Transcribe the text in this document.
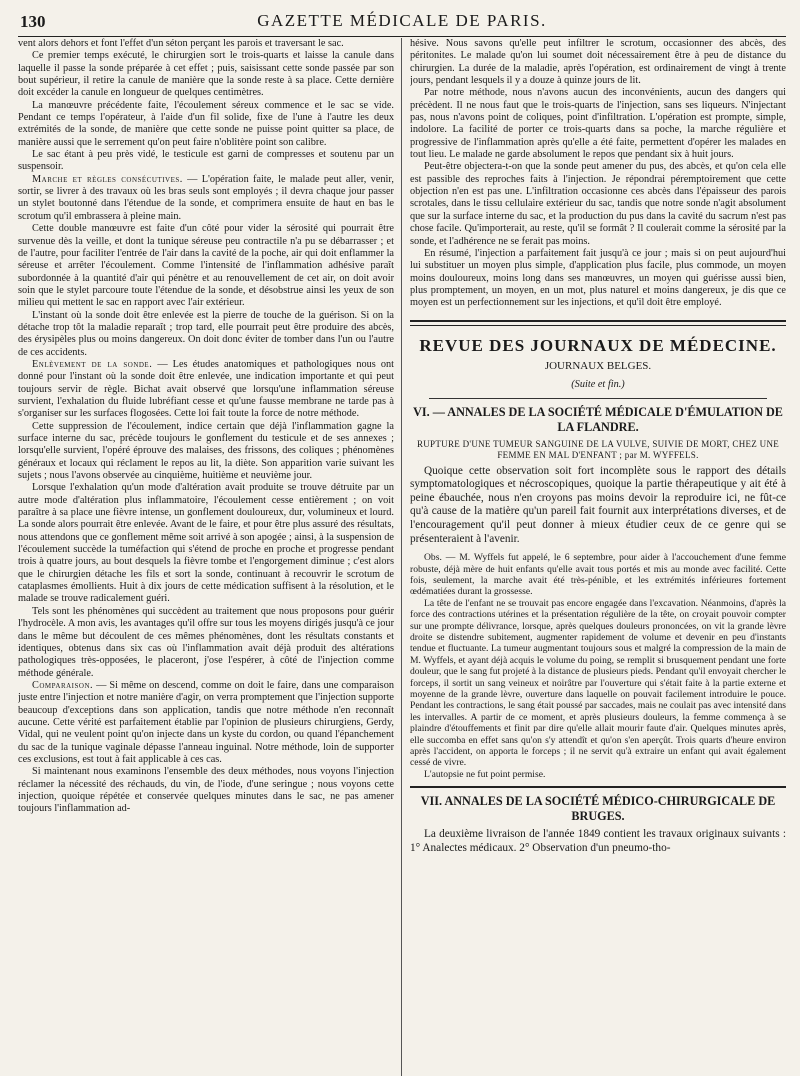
130	GAZETTE MÉDICALE DE PARIS.

vent alors dehors et font l'effet d'un séton perçant les parois et traversant le sac.

Ce premier temps exécuté, le chirurgien sort le trois-quarts et laisse la canule dans laquelle il passe la sonde préparée à cet effet ; puis, saisissant cette sonde passée par son bout supérieur, il retire la canule de manière que la sonde reste à sa place. Cette dernière doit excéder la canule en longueur de quelques centimètres.

La manœuvre précédente faite, l'écoulement séreux commence et le sac se vide. Pendant ce temps l'opérateur, à l'aide d'un fil solide, fixe de l'une à l'autre les deux extrémités de la sonde, de manière que cette sonde ne puisse point quitter sa place, de manière aussi que le serrement qu'on peut faire n'oblitère point son calibre.

Le sac étant à peu près vidé, le testicule est garni de compresses et soutenu par un suspensoir.

Marche et règles consécutives. — L'opération faite, le malade peut aller, venir, sortir, se livrer à des travaux où les bras seuls sont employés ; il devra chaque jour passer un stylet boutonné dans l'étendue de la sonde, et comprimera ensuite de haut en bas le scrotum qu'il embrassera à pleine main.

Cette double manœuvre est faite d'un côté pour vider la sérosité qui pourrait être survenue dès la veille, et dont la tunique séreuse peu contractile n'a pu se débarrasser ; et de l'autre, pour faciliter l'entrée de l'air dans la cavité de la poche, air qui doit enflammer la séreuse et arrêter l'écoulement. Comme l'intensité de l'inflammation adhésive paraît subordonnée à la quantité d'air qui pénètre et au renouvellement de cet air, on doit avoir soin que le stylet parcoure toute l'étendue de la sonde, et désobstrue ainsi les yeux de son milieu qui mettent le sac en rapport avec l'air extérieur.

L'instant où la sonde doit être enlevée est la pierre de touche de la guérison. Si on la détache trop tôt la maladie reparaît ; trop tard, elle pourrait peut être produire des abcès, des érysipèles plus ou moins dangereux. On doit donc éviter de tomber dans l'un ou l'autre de ces accidents.

Enlèvement de la sonde. — Les études anatomiques et pathologiques nous ont donné pour l'instant où la sonde doit être enlevée, une indication importante et qui peut toujours servir de règle. Bichat avait observé que lorsqu'une inflammation séreuse survient, l'exhalation du fluide lubréfiant cesse et qu'une fausse membrane ne tarde pas à s'organiser sur les surfaces flogosées. Cette loi fait toute la force de notre méthode.

Cette suppression de l'écoulement, indice certain que déjà l'inflammation gagne la surface interne du sac, précède toujours le gonflement du testicule et de ses annexes ; lorsqu'elle survient, l'opéré éprouve des malaises, des frissons, des coliques ; phénomènes généraux et locaux qui réclament le repos au lit, la diète. Son apparition varie suivant les sujets ; nous l'avons observée au cinquième, huitième et neuvième jour.

Lorsque l'exhalation qu'un mode d'altération avait produite se trouve détruite par un autre mode d'altération plus inflammatoire, l'écoulement cesse entièrement ; on voit paraître à sa place une fièvre intense, un gonflement douloureux, dur, volumineux et lourd. La sonde alors pourrait être enlevée. Avant de le faire, et pour être plus assuré des résultats, nous attendons que ce gonflement même soit arrivé à son apogée ; ainsi, à la suspension de l'écoulement succède la tuméfaction qui s'étend de proche en proche et progresse pendant trois à quatre jours, au bout desquels la fièvre tombe et l'engorgement diminue ; c'est alors que le chirurgien détache les fils et sort la sonde, continuant à recouvrir le scrotum de cataplasmes émollients. Huit à dix jours de cette médication suffisent à la résolution, et le malade se trouve radicalement guéri.

Tels sont les phénomènes qui succèdent au traitement que nous proposons pour guérir l'hydrocèle. A mon avis, les avantages qu'il offre sur tous les moyens dirigés jusqu'à ce jour dans le même but découlent de ces mêmes phénomènes, dont les résultats constants et identiques, obtenus dans six cas où l'inflammation avait déjà produit des altérations pathologiques très-opposées, le placeront, j'ose l'espérer, à côté de l'injection comme méthode générale.

Comparaison. — Si même on descend, comme on doit le faire, dans une comparaison juste entre l'injection et notre manière d'agir, on verra promptement que l'injection supporte beaucoup d'exceptions dans son application, tandis que notre méthode n'en reconnaît aucune. Cette vérité est parfaitement établie par l'opinion de plusieurs chirurgiens, Gerdy, Vidal, qui ne veulent point qu'on injecte dans un kyste du cordon, ou quand l'épanchement du sac de la tunique vaginale dépasse l'anneau inguinal. Notre méthode, loin de supporter ces exclusions, est tout à fait applicable à ces cas.

Si maintenant nous examinons l'ensemble des deux méthodes, nous voyons l'injection réclamer la nécessité des réchauds, du vin, de l'iode, d'une seringue ; nous voyons cette injection, quoique répétée et conservée quelques minutes dans le sac, ne pas amener toujours l'inflammation ad-

hésive. Nous savons qu'elle peut infiltrer le scrotum, occasionner des abcès, des péritonites. Le malade qu'on lui soumet doit nécessairement être à peu de distance du chirurgien. La durée de la maladie, après l'opération, est ordinairement de vingt à trente jours, pendant lesquels il y a douze à quinze jours de lit.

Par notre méthode, nous n'avons aucun des inconvénients, aucun des dangers qui précèdent. Il ne nous faut que le trois-quarts de l'injection, sans ses liqueurs. N'injectant pas, nous n'avons point de coliques, point d'infiltration. L'opération est prompte, simple, indolore. La facilité de porter ce trois-quarts dans sa poche, la marche régulière et progressive de l'inflammation après qu'elle a été faite, permettent d'opérer les malades en tout lieu. Le malade ne garde absolument le repos que pendant six à huit jours.

Peut-être objectera-t-on que la sonde peut amener du pus, des abcès, et qu'on cela elle est passible des reproches faits à l'injection. Je répondrai péremptoirement que cette objection n'en est pas une. L'infiltration occasionne ces abcès dans l'épaisseur des parois scrotales, dans le tissu cellulaire extérieur du sac, tandis que notre sonde n'agit absolument que sur la surface interne du sac, et la production du pus dans la cavité du sacrum n'est pas chose facile. Qu'importerait, au reste, qu'il se formât ? Il coulerait comme la sérosité par la sonde, et l'adhérence ne se ferait pas moins.

En résumé, l'injection a parfaitement fait jusqu'à ce jour ; mais si on peut aujourd'hui lui substituer un moyen plus simple, d'application plus facile, plus commode, un moyen moins douloureux, moins long dans ses manœuvres, un moyen qui guérisse aussi bien, plus promptement, un moyen, en un mot, plus naturel et moins dangereux, je dis que ce moyen est un perfectionnement sur les injections, et qu'il doit être employé.

REVUE DES JOURNAUX DE MÉDECINE.
JOURNAUX BELGES.
(Suite et fin.)
VI. — ANNALES DE LA SOCIÉTÉ MÉDICALE D'ÉMULATION DE LA FLANDRE.
RUPTURE D'UNE TUMEUR SANGUINE DE LA VULVE, SUIVIE DE MORT, CHEZ UNE FEMME EN MAL D'ENFANT ; par M. WYFFELS.

Quoique cette observation soit fort incomplète sous le rapport des détails symptomatologiques et nécroscopiques, quoique la partie thérapeutique y ait été à peine ébauchée, nous n'en croyons pas moins devoir la reproduire ici, ne fût-ce qu'à cause de la matière qu'un pareil fait fournit aux interprétations diverses, et de l'encouragement qu'il peut donner à mieux étudier ceux de ce genre qui se présenteraient à l'avenir.

Obs. — M. Wyffels fut appelé, le 6 septembre, pour aider à l'accouchement d'une femme robuste, déjà mère de huit enfants qu'elle avait tous portés et mis au monde avec facilité. Cette fois, seulement, la marche avait été très-pénible, et les extrémités inférieures fortement œdématiées durant la grossesse.

La tête de l'enfant ne se trouvait pas encore engagée dans l'excavation. Néanmoins, d'après la force des contractions utérines et la présentation régulière de la tête, on croyait pouvoir compter sur une prompte délivrance, lorsque, après quelques douleurs prononcées, on vit la grande lèvre droite se distendre subitement, augmenter rapidement de volume et devenir en peu d'instants tendue et fluctuante. La tumeur augmentant toujours sous et malgré la compression de la main de M. Wyffels, et ayant déjà acquis le volume du poing, se remplit si brusquement pendant une forte douleur, que le sang fut projeté à la distance de plusieurs pieds. Pendant qu'il envoyait chercher le forceps, il sortit un sang veineux et noirâtre par l'ouverture qui s'était faite à la partie externe et moyenne de la grande lèvre, ouverture dans laquelle on pouvait facilement introduire le pouce. Pendant les contractions, le sang était poussé par saccades, mais ne coulait pas avec intensité dans les intervalles. A partir de ce moment, et après plusieurs douleurs, la femme commença à se plaindre d'étouffements et finit par dire qu'elle allait mourir faute d'air. Quelques minutes après, elle succomba en effet sans qu'on s'y attendît et qu'on s'en aperçût. Trois quarts d'heure environ après l'accident, on apporta le forceps ; il ne servit qu'à extraire un enfant qui avait également cessé de vivre.

L'autopsie ne fut point permise.

VII. ANNALES DE LA SOCIÉTÉ MÉDICO-CHIRURGICALE DE BRUGES.

La deuxième livraison de l'année 1849 contient les travaux originaux suivants : 1° Analectes médicaux. 2° Observation d'un pneumo-tho-
